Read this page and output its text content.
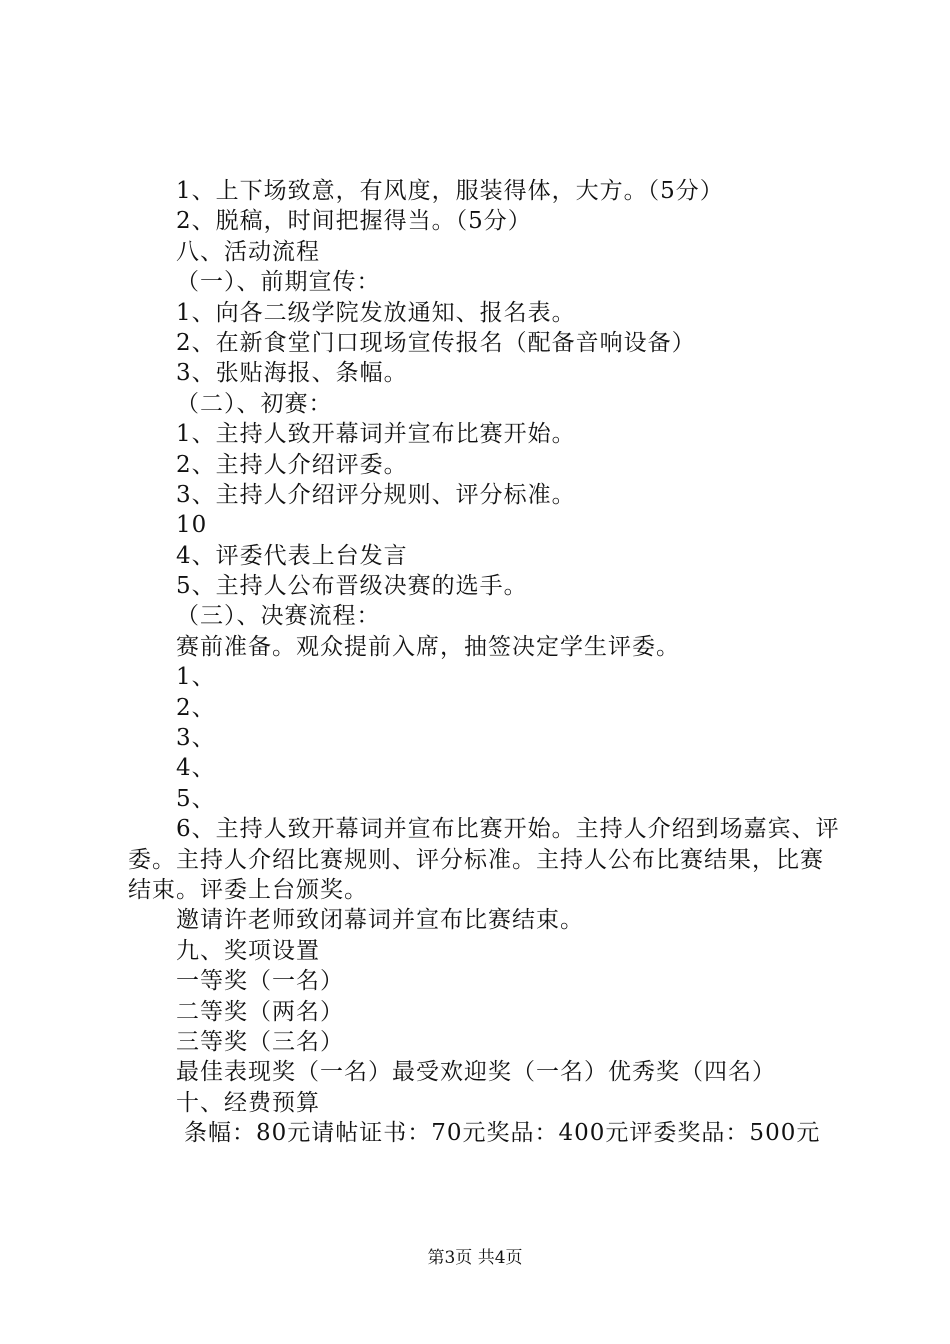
1、上下场致意，有风度，服装得体，大方。（5分）
2、脱稿，时间把握得当。（5分）
八、活动流程
（一）、前期宣传：
1、向各二级学院发放通知、报名表。
2、在新食堂门口现场宣传报名（配备音响设备）
3、张贴海报、条幅。
（二）、初赛：
1、主持人致开幕词并宣布比赛开始。
2、主持人介绍评委。
3、主持人介绍评分规则、评分标准。
10
4、评委代表上台发言
5、主持人公布晋级决赛的选手。
（三）、决赛流程：
赛前准备。观众提前入席，抽签决定学生评委。
1、
2、
3、
4、
5、
6、主持人致开幕词并宣布比赛开始。主持人介绍到场嘉宾、评委。主持人介绍比赛规则、评分标准。主持人公布比赛结果，比赛结束。评委上台颁奖。
邀请许老师致闭幕词并宣布比赛结束。
九、奖项设置
一等奖（一名）
二等奖（两名）
三等奖（三名）
最佳表现奖（一名）最受欢迎奖（一名）优秀奖（四名）
十、经费预算
条幅：80元请帖证书：70元奖品：400元评委奖品：500元
第3页 共4页
